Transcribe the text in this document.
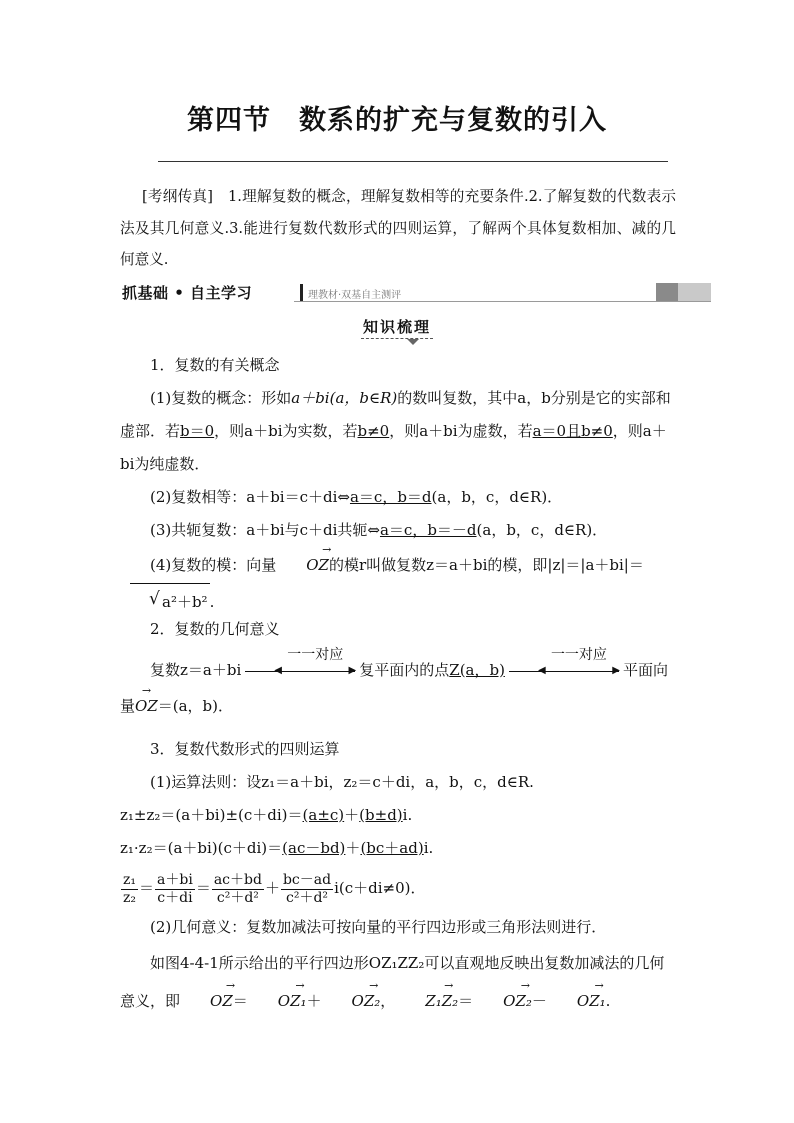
第四节　数系的扩充与复数的引入
[考纲传真]　1.理解复数的概念，理解复数相等的充要条件.2.了解复数的代数表示法及其几何意义.3.能进行复数代数形式的四则运算，了解两个具体复数相加、减的几何意义.
抓基础 • 自主学习	理教材·双基自主测评
知识梳理

1．复数的有关概念

(1)复数的概念：形如a＋bi(a，b∈R)的数叫复数，其中a，b分别是它的实部和虚部．若b＝0，则a＋bi为实数，若b≠0，则a＋bi为虚数，若a＝0且b≠0，则a＋bi为纯虚数．

(2)复数相等：a＋bi＝c＋di⇔a＝c，b＝d(a，b，c，d∈R)．

(3)共轭复数：a＋bi与c＋di共轭⇔a＝c，b＝－d(a，b，c，d∈R)．

(4)复数的模：向量 → OZ的模r叫做复数z＝a＋bi的模，即|z|＝|a＋bi|＝√ a²＋b² .

2．复数的几何意义

复数z＝a＋bi
一一对应
◀	▶ 复平面内的点Z(a，b)
一一对应
◀	▶ 平面向

量→ OZ＝(a，b)．

3．复数代数形式的四则运算

(1)运算法则：设z₁＝a＋bi，z₂＝c＋di，a，b，c，d∈R.

z₁±z₂＝(a＋bi)±(c＋di)＝(a±c)＋(b±d)i.

z₁·z₂＝(a＋bi)(c＋di)＝(ac－bd)＋(bc＋ad)i.

$\frac{\text{z₁}}{\text{z₂}} = \frac{a+bi}{c+di} = \frac{ac+bd}{\text{c²＋d²}} + \frac{bc-ad}{\text{c²＋d²}} i(c+di\ne 0)$．

(2)几何意义：复数加减法可按向量的平行四边形或三角形法则进行．

如图4-4-1所示给出的平行四边形OZ₁ZZ₂可以直观地反映出复数加减法的几何意义，即 → OZ＝ → OZ₁＋ → OZ₂， → Z₁Z₂＝ → OZ₂－ → OZ₁.
